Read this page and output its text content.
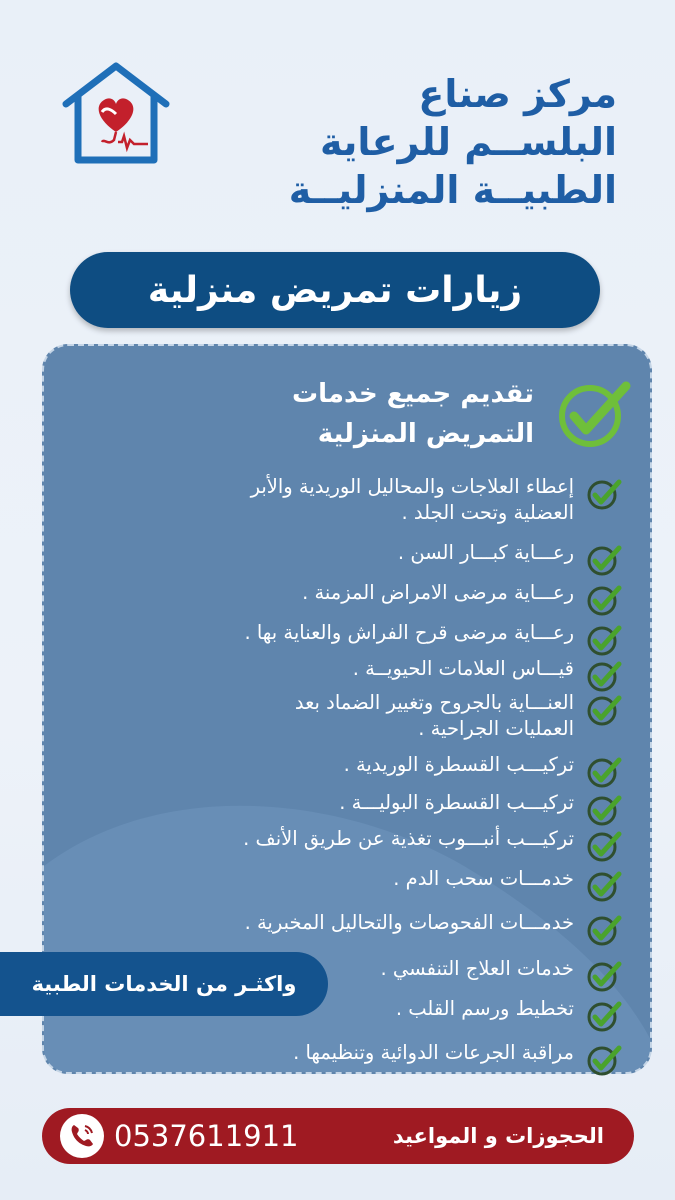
مركز صناع
البلســم للرعاية
الطبيــة المنزليــة
زيارات تمريض منزلية
تقديم جميع خدمات
التمريض المنزلية
إعطاء العلاجات والمحاليل الوريدية والأبر
العضلية وتحت الجلد .
رعـــاية كبـــار السن .
رعـــاية مرضى الامراض المزمنة .
رعـــاية مرضى قرح الفراش والعناية بها .
قيـــاس العلامات الحيويــة .
العنـــاية بالجروح وتغيير الضماد بعد
العمليات الجراحية .
تركيـــب القسطرة الوريدية .
تركيـــب القسطرة البوليـــة .
تركيـــب أنبـــوب تغذية عن طريق الأنف .
خدمـــات سحب الدم .
خدمـــات الفحوصات والتحاليل المخبرية .
خدمات العلاج التنفسي .
تخطيط ورسم القلب .
مراقبة الجرعات الدوائية وتنظيمها .
واكثـر من الخدمات الطبية
0537611911	الحجوزات و المواعيد
